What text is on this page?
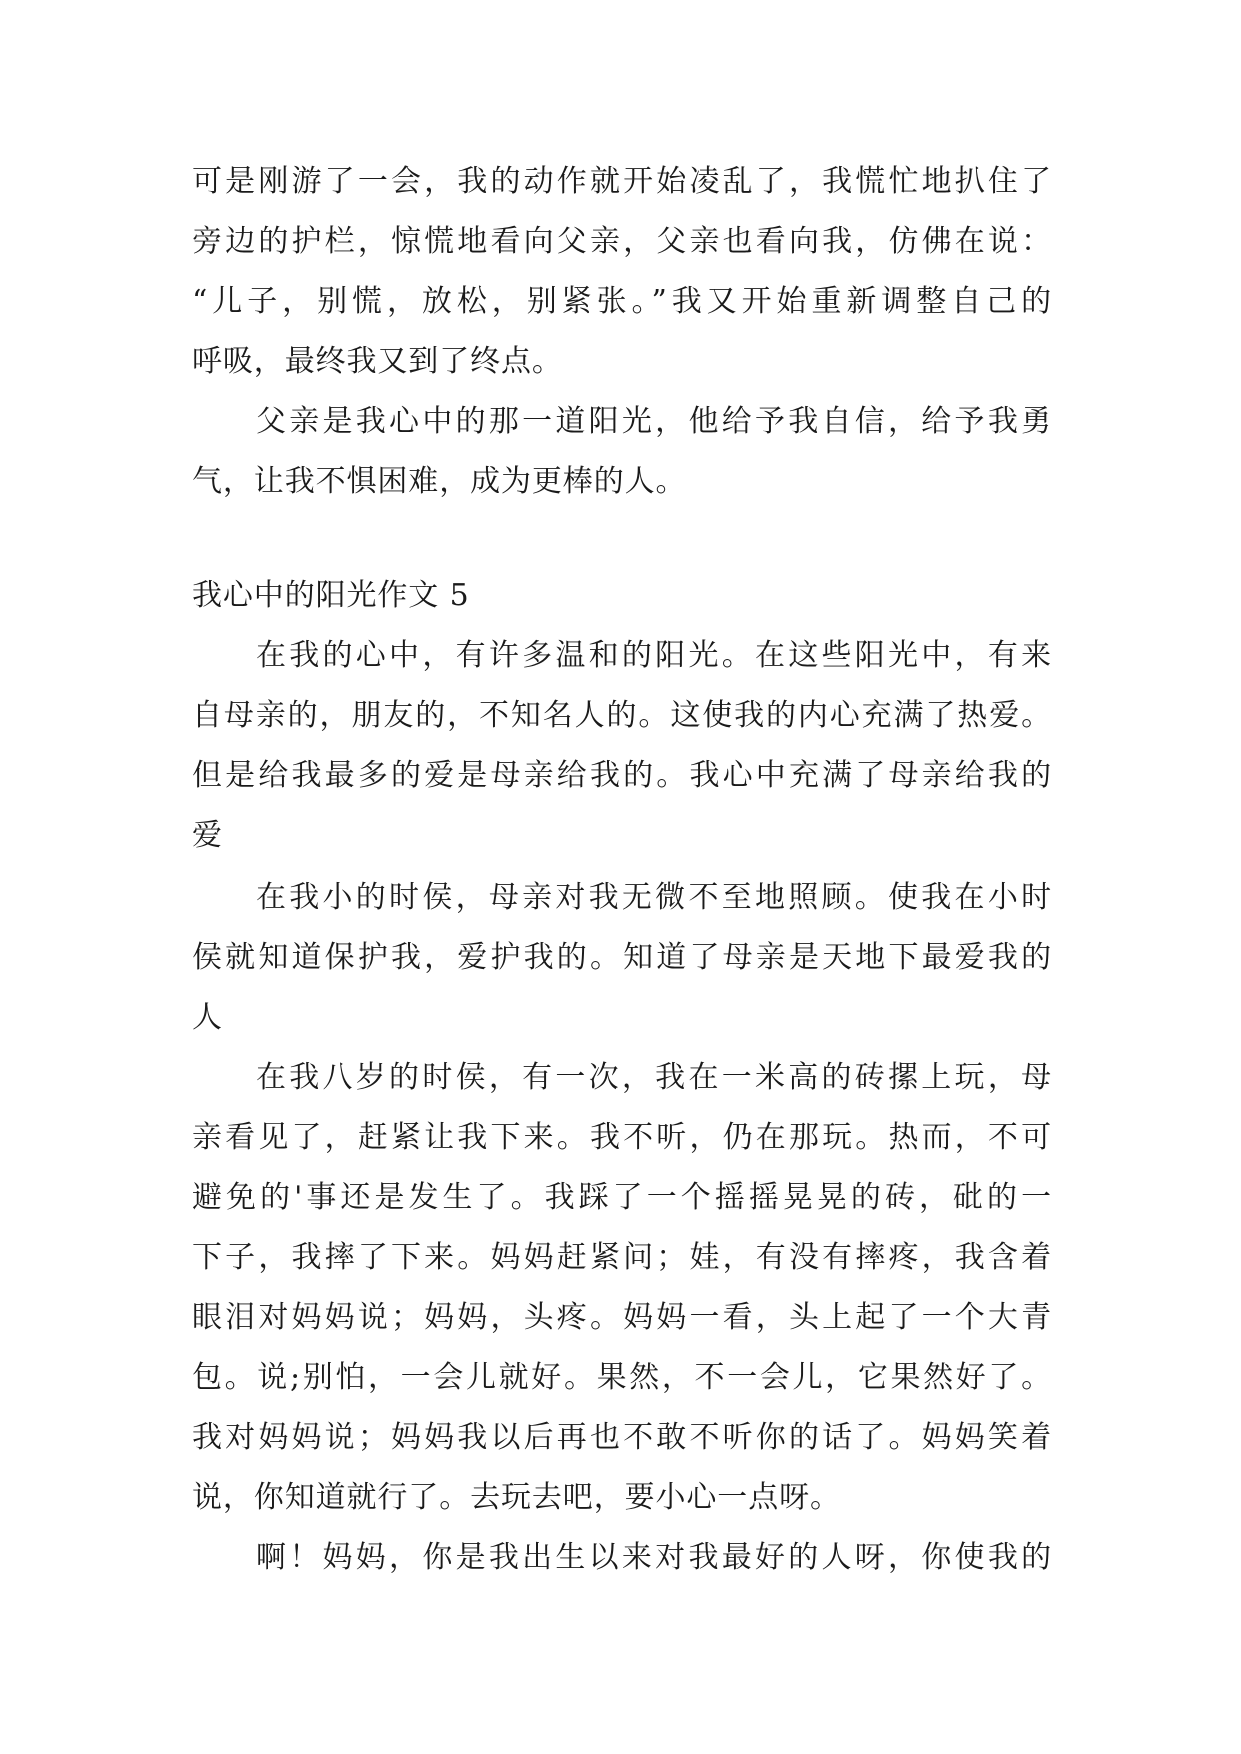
可是刚游了一会，我的动作就开始凌乱了，我慌忙地扒住了
旁边的护栏，惊慌地看向父亲，父亲也看向我，仿佛在说：
“儿子，别慌，放松，别紧张。”我又开始重新调整自己的
呼吸，最终我又到了终点。
父亲是我心中的那一道阳光，他给予我自信，给予我勇
气，让我不惧困难，成为更棒的人。
我心中的阳光作文 5
在我的心中，有许多温和的阳光。在这些阳光中，有来
自母亲的，朋友的，不知名人的。这使我的内心充满了热爱。
但是给我最多的爱是母亲给我的。我心中充满了母亲给我的
爱
在我小的时侯，母亲对我无微不至地照顾。使我在小时
侯就知道保护我，爱护我的。知道了母亲是天地下最爱我的
人
在我八岁的时侯，有一次，我在一米高的砖摞上玩，母
亲看见了，赶紧让我下来。我不听，仍在那玩。热而，不可
避免的'事还是发生了。我踩了一个摇摇晃晃的砖，砒的一
下子，我摔了下来。妈妈赶紧问；娃，有没有摔疼，我含着
眼泪对妈妈说；妈妈，头疼。妈妈一看，头上起了一个大青
包。说;别怕，一会儿就好。果然，不一会儿，它果然好了。
我对妈妈说；妈妈我以后再也不敢不听你的话了。妈妈笑着
说，你知道就行了。去玩去吧，要小心一点呀。
啊！妈妈，你是我出生以来对我最好的人呀，你使我的
